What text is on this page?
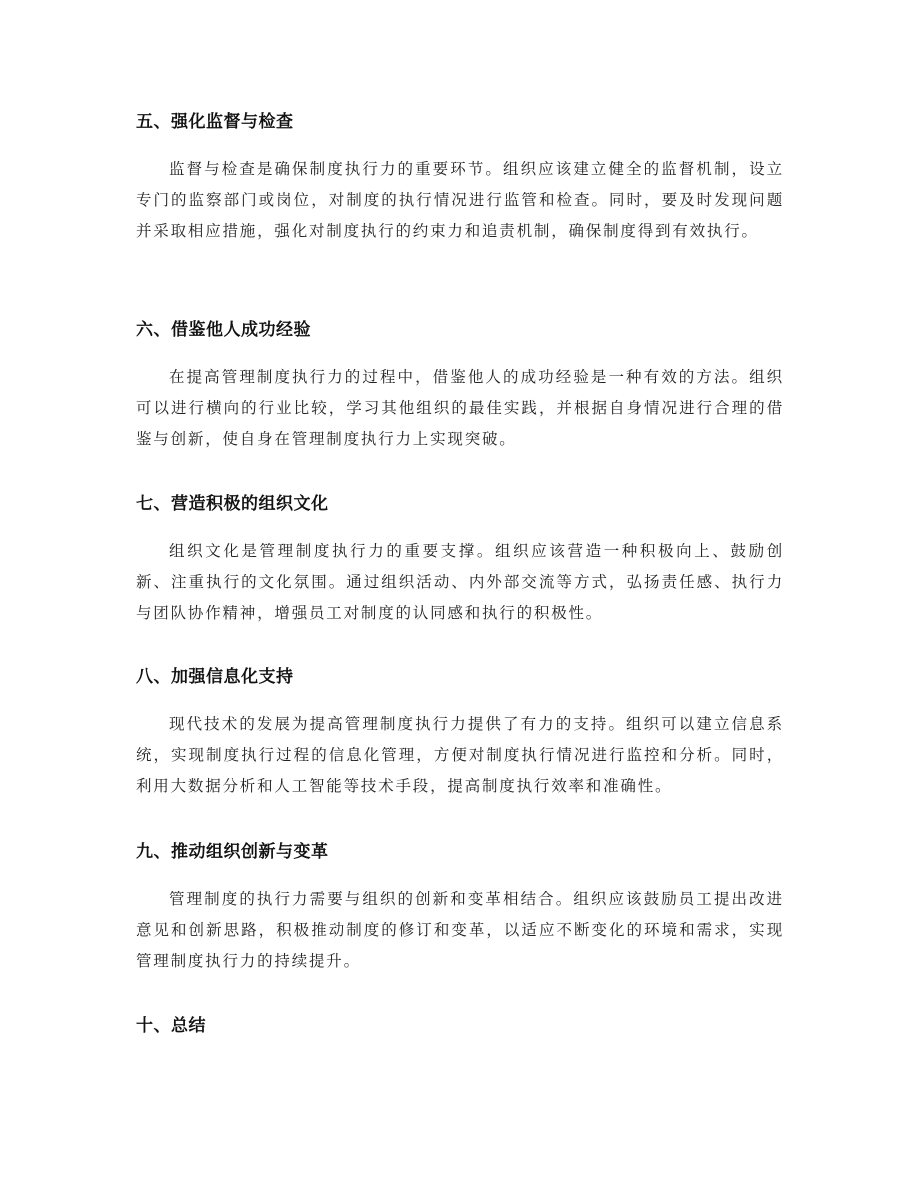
五、强化监督与检查

监督与检查是确保制度执行力的重要环节。组织应该建立健全的监督机制，设立专门的监察部门或岗位，对制度的执行情况进行监管和检查。同时，要及时发现问题并采取相应措施，强化对制度执行的约束力和追责机制，确保制度得到有效执行。

六、借鉴他人成功经验

在提高管理制度执行力的过程中，借鉴他人的成功经验是一种有效的方法。组织可以进行横向的行业比较，学习其他组织的最佳实践，并根据自身情况进行合理的借鉴与创新，使自身在管理制度执行力上实现突破。

七、营造积极的组织文化

组织文化是管理制度执行力的重要支撑。组织应该营造一种积极向上、鼓励创新、注重执行的文化氛围。通过组织活动、内外部交流等方式，弘扬责任感、执行力与团队协作精神，增强员工对制度的认同感和执行的积极性。

八、加强信息化支持

现代技术的发展为提高管理制度执行力提供了有力的支持。组织可以建立信息系统，实现制度执行过程的信息化管理，方便对制度执行情况进行监控和分析。同时，利用大数据分析和人工智能等技术手段，提高制度执行效率和准确性。

九、推动组织创新与变革

管理制度的执行力需要与组织的创新和变革相结合。组织应该鼓励员工提出改进意见和创新思路，积极推动制度的修订和变革，以适应不断变化的环境和需求，实现管理制度执行力的持续提升。

十、总结
